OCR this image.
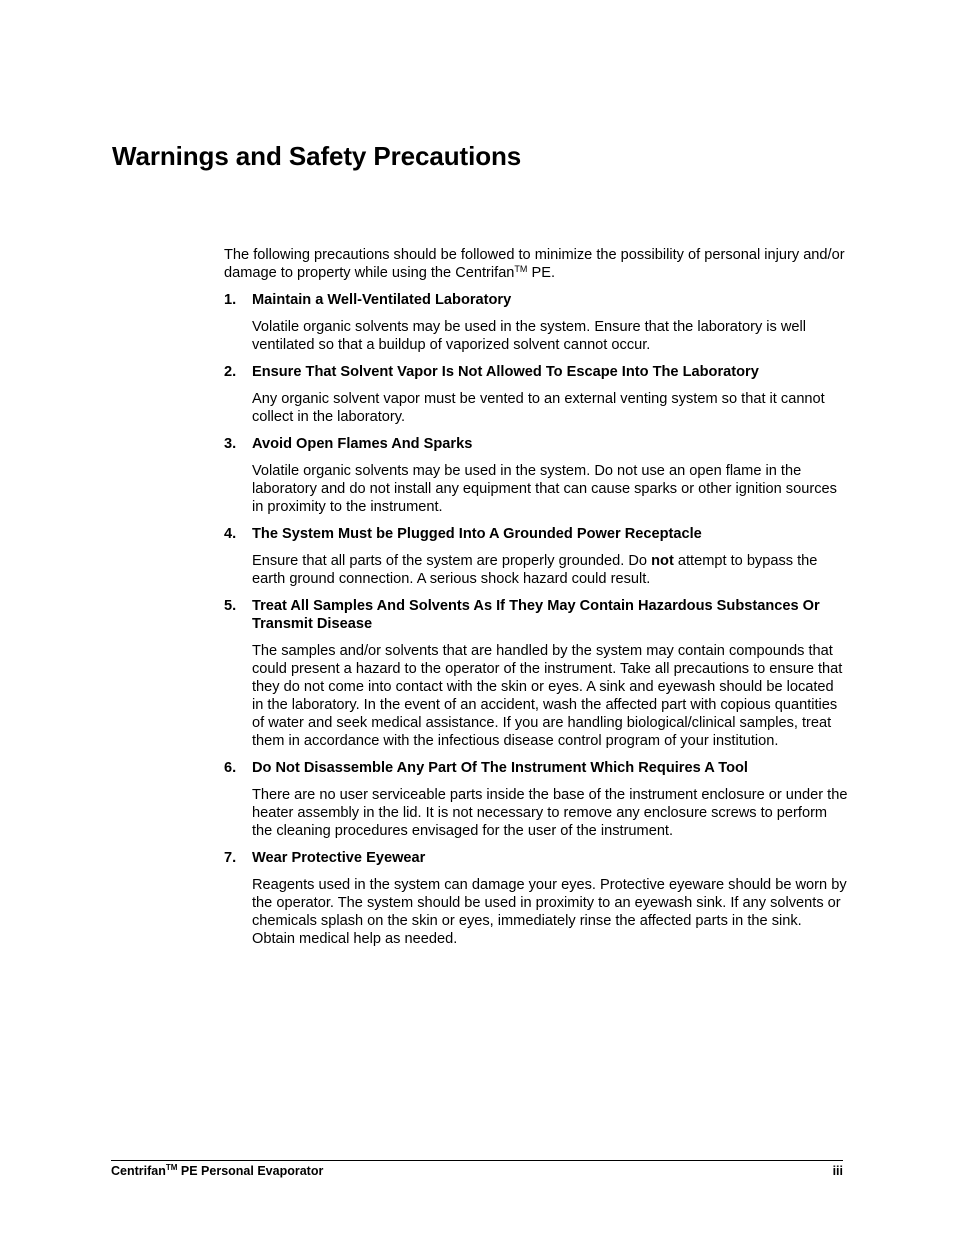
Warnings and Safety Precautions

The following precautions should be followed to minimize the possibility of personal injury and/or damage to property while using the Centrifan™ PE.

1. Maintain a Well-Ventilated Laboratory

Volatile organic solvents may be used in the system. Ensure that the laboratory is well ventilated so that a buildup of vaporized solvent cannot occur.

2. Ensure That Solvent Vapor Is Not Allowed To Escape Into The Laboratory

Any organic solvent vapor must be vented to an external venting system so that it cannot collect in the laboratory.

3. Avoid Open Flames And Sparks

Volatile organic solvents may be used in the system. Do not use an open flame in the laboratory and do not install any equipment that can cause sparks or other ignition sources in proximity to the instrument.

4. The System Must be Plugged Into A Grounded Power Receptacle

Ensure that all parts of the system are properly grounded. Do not attempt to bypass the earth ground connection. A serious shock hazard could result.

5. Treat All Samples And Solvents As If They May Contain Hazardous Substances Or Transmit Disease

The samples and/or solvents that are handled by the system may contain compounds that could present a hazard to the operator of the instrument. Take all precautions to ensure that they do not come into contact with the skin or eyes. A sink and eyewash should be located in the laboratory. In the event of an accident, wash the affected part with copious quantities of water and seek medical assistance. If you are handling biological/clinical samples, treat them in accordance with the infectious disease control program of your institution.

6. Do Not Disassemble Any Part Of The Instrument Which Requires A Tool

There are no user serviceable parts inside the base of the instrument enclosure or under the heater assembly in the lid. It is not necessary to remove any enclosure screws to perform the cleaning procedures envisaged for the user of the instrument.

7. Wear Protective Eyewear

Reagents used in the system can damage your eyes. Protective eyeware should be worn by the operator. The system should be used in proximity to an eyewash sink. If any solvents or chemicals splash on the skin or eyes, immediately rinse the affected parts in the sink. Obtain medical help as needed.

Centrifan™ PE Personal Evaporator	iii
